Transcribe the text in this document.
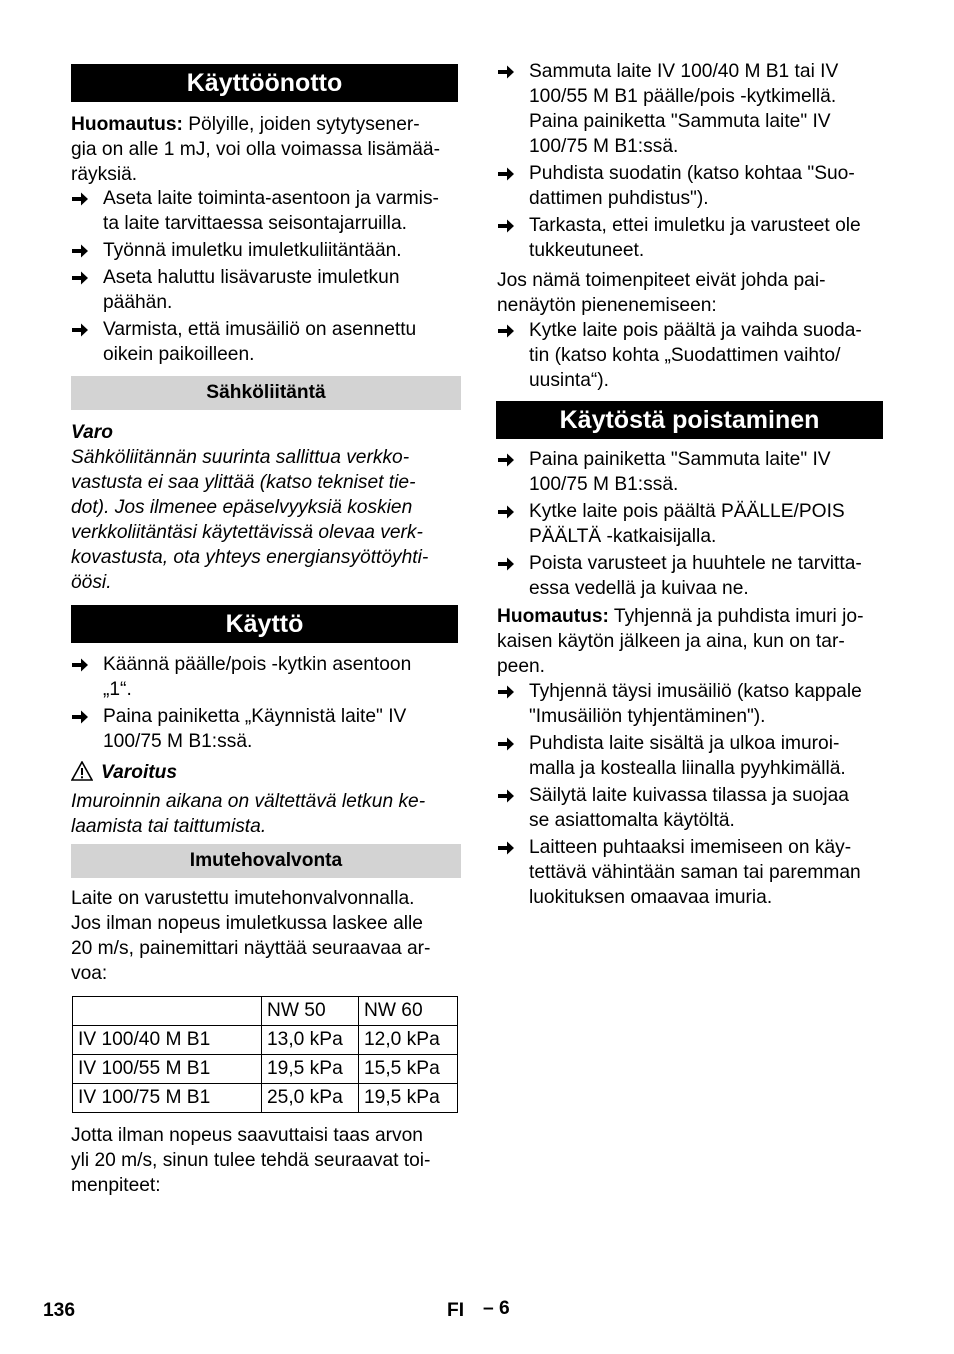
Käyttöönotto
Huomautus: Pölyille, joiden sytytysener-
gia on alle 1 mJ, voi olla voimassa lisämää-
räyksiä.
Aseta laite toiminta-asentoon ja varmis-
ta laite tarvittaessa seisontajarruilla.
Työnnä imuletku imuletkuliitäntään.
Aseta haluttu lisävaruste imuletkun
päähän.
Varmista, että imusäiliö on asennettu
oikein paikoilleen.
Sähköliitäntä
Varo
Sähköliitännän suurinta sallittua verkko-
vastusta ei saa ylittää (katso tekniset tie-
dot). Jos ilmenee epäselvyyksiä koskien
verkkoliitäntäsi käytettävissä olevaa verk-
kovastusta, ota yhteys energiansyöttöyhti-
öösi.
Käyttö
Käännä päälle/pois -kytkin asentoon
„1“.
Paina painiketta „Käynnistä laite" IV
100/75 M B1:ssä.
Varoitus
Imuroinnin aikana on vältettävä letkun ke-
laamista tai taittumista.
Imutehovalvonta
Laite on varustettu imutehonvalvonnalla.
Jos ilman nopeus imuletkussa laskee alle
20 m/s, painemittari näyttää seuraavaa ar-
voa:
	NW 50	NW 60
IV 100/40 M B1	13,0 kPa	12,0 kPa
IV 100/55 M B1	19,5 kPa	15,5 kPa
IV 100/75 M B1	25,0 kPa	19,5 kPa
Jotta ilman nopeus saavuttaisi taas arvon
yli 20 m/s, sinun tulee tehdä seuraavat toi-
menpiteet:
Sammuta laite IV 100/40 M B1 tai IV
100/55 M B1 päälle/pois -kytkimellä.
Paina painiketta "Sammuta laite" IV
100/75 M B1:ssä.
Puhdista suodatin (katso kohtaa "Suo-
dattimen puhdistus").
Tarkasta, ettei imuletku ja varusteet ole
tukkeutuneet.
Jos nämä toimenpiteet eivät johda pai-
nenäytön pienenemiseen:
Kytke laite pois päältä ja vaihda suoda-
tin (katso kohta „Suodattimen vaihto/
uusinta“).
Käytöstä poistaminen
Paina painiketta "Sammuta laite" IV
100/75 M B1:ssä.
Kytke laite pois päältä PÄÄLLE/POIS
PÄÄLTÄ -katkaisijalla.
Poista varusteet ja huuhtele ne tarvitta-
essa vedellä ja kuivaa ne.
Huomautus: Tyhjennä ja puhdista imuri jo-
kaisen käytön jälkeen ja aina, kun on tar-
peen.
Tyhjennä täysi imusäiliö (katso kappale
"Imusäiliön tyhjentäminen").
Puhdista laite sisältä ja ulkoa imuroi-
malla ja kostealla liinalla pyyhkimällä.
Säilytä laite kuivassa tilassa ja suojaa
se asiattomalta käytöltä.
Laitteen puhtaaksi imemiseen on käy-
tettävä vähintään saman tai paremman
luokituksen omaavaa imuria.
136	FI – 6
